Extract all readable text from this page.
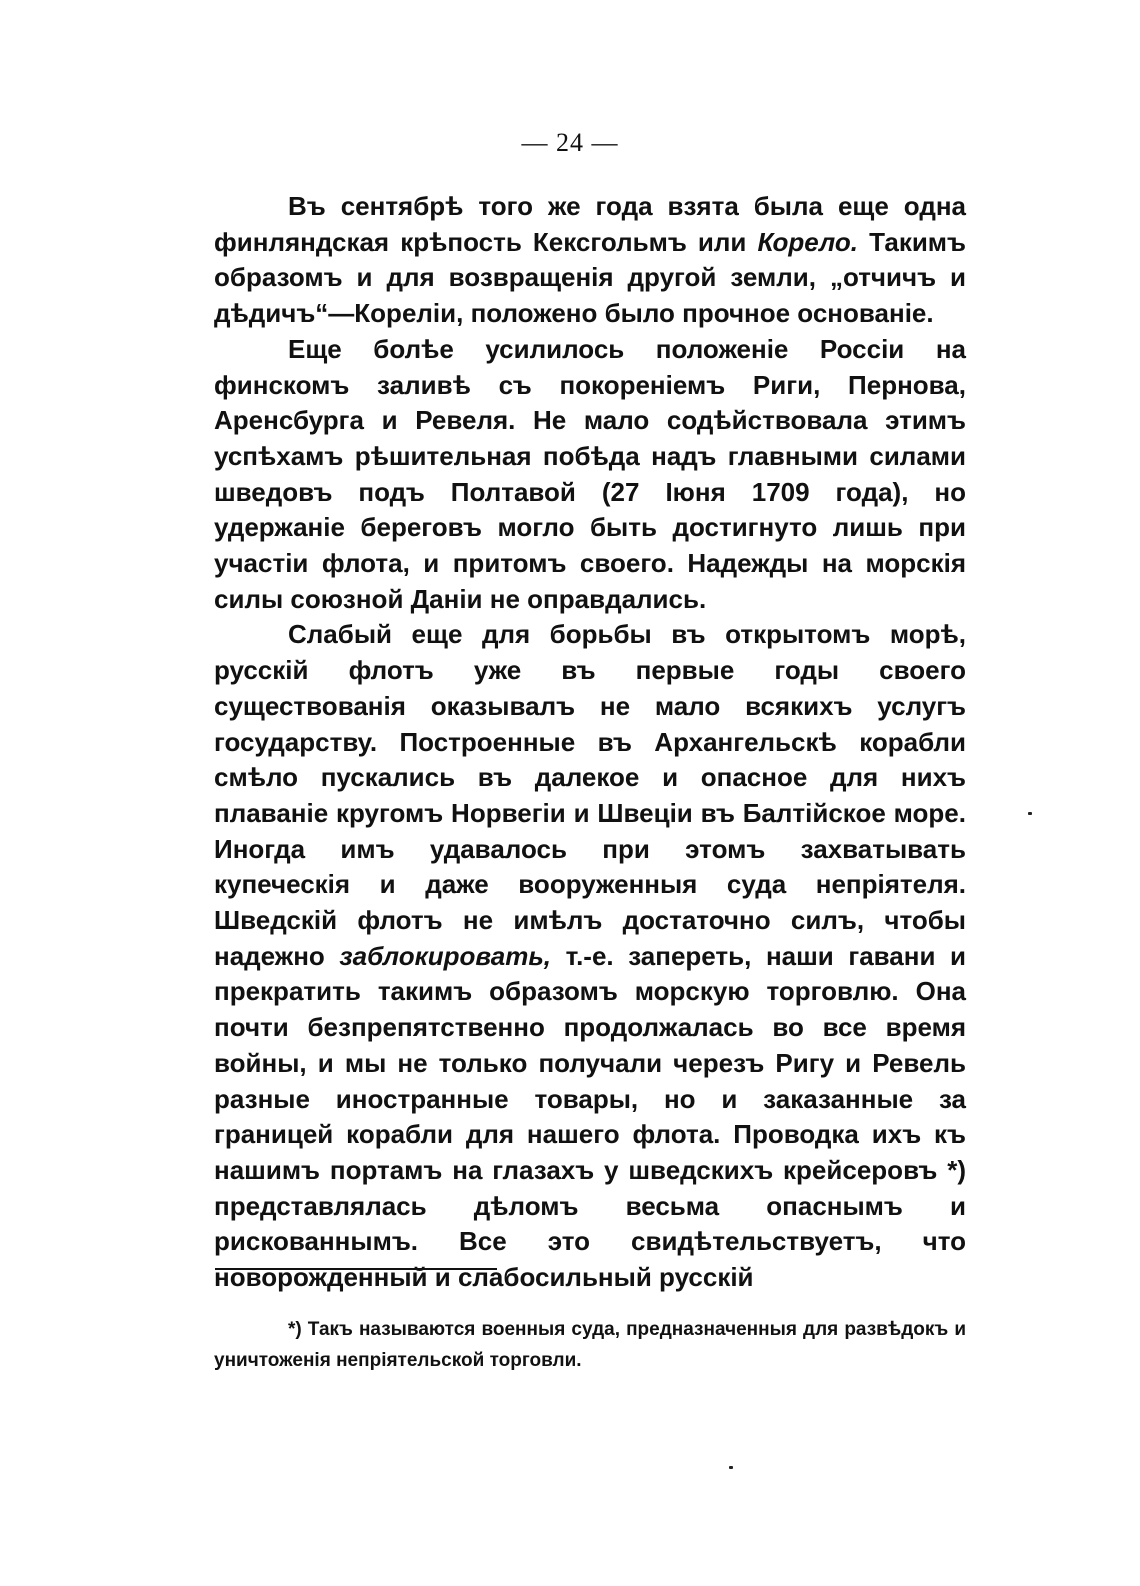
— 24 —

Въ сентябрѣ того же года взята была еще одна финляндская крѣпость Кексгольмъ или Корело. Такимъ образомъ и для возвращенія другой земли, „отчичъ и дѣдичъ“—Кореліи, положено было прочное основаніе.

Еще болѣе усилилось положеніе Россіи на финскомъ заливѣ съ покореніемъ Риги, Пернова, Аренсбурга и Ревеля. Не мало содѣйствовала этимъ успѣхамъ рѣшительная побѣда надъ главными силами шведовъ подъ Полтавой (27 Іюня 1709 года), но удержаніе береговъ могло быть достигнуто лишь при участіи флота, и притомъ своего. Надежды на морскія силы союзной Даніи не оправдались.

Слабый еще для борьбы въ открытомъ морѣ, русскій флотъ уже въ первые годы своего существованія оказывалъ не мало всякихъ услугъ государству. Построенные въ Архангельскѣ корабли смѣло пускались въ далекое и опасное для нихъ плаваніе кругомъ Норвегіи и Швеціи въ Балтійское море. Иногда имъ удавалось при этомъ захватывать купеческія и даже вооруженныя суда непріятеля. Шведскій флотъ не имѣлъ достаточно силъ, чтобы надежно заблокировать, т.-е. запереть, наши гавани и прекратить такимъ образомъ морскую торговлю. Она почти безпрепятственно продолжалась во все время войны, и мы не только получали черезъ Ригу и Ревель разные иностранные товары, но и заказанные за границей корабли для нашего флота. Проводка ихъ къ нашимъ портамъ на глазахъ у шведскихъ крейсеровъ *) представлялась дѣломъ весьма опаснымъ и рискованнымъ. Все это свидѣтельствуетъ, что новорожденный и слабосильный русскій

*) Такъ называются военныя суда, предназначенныя для развѣдокъ и уничтоженія непріятельской торговли.
